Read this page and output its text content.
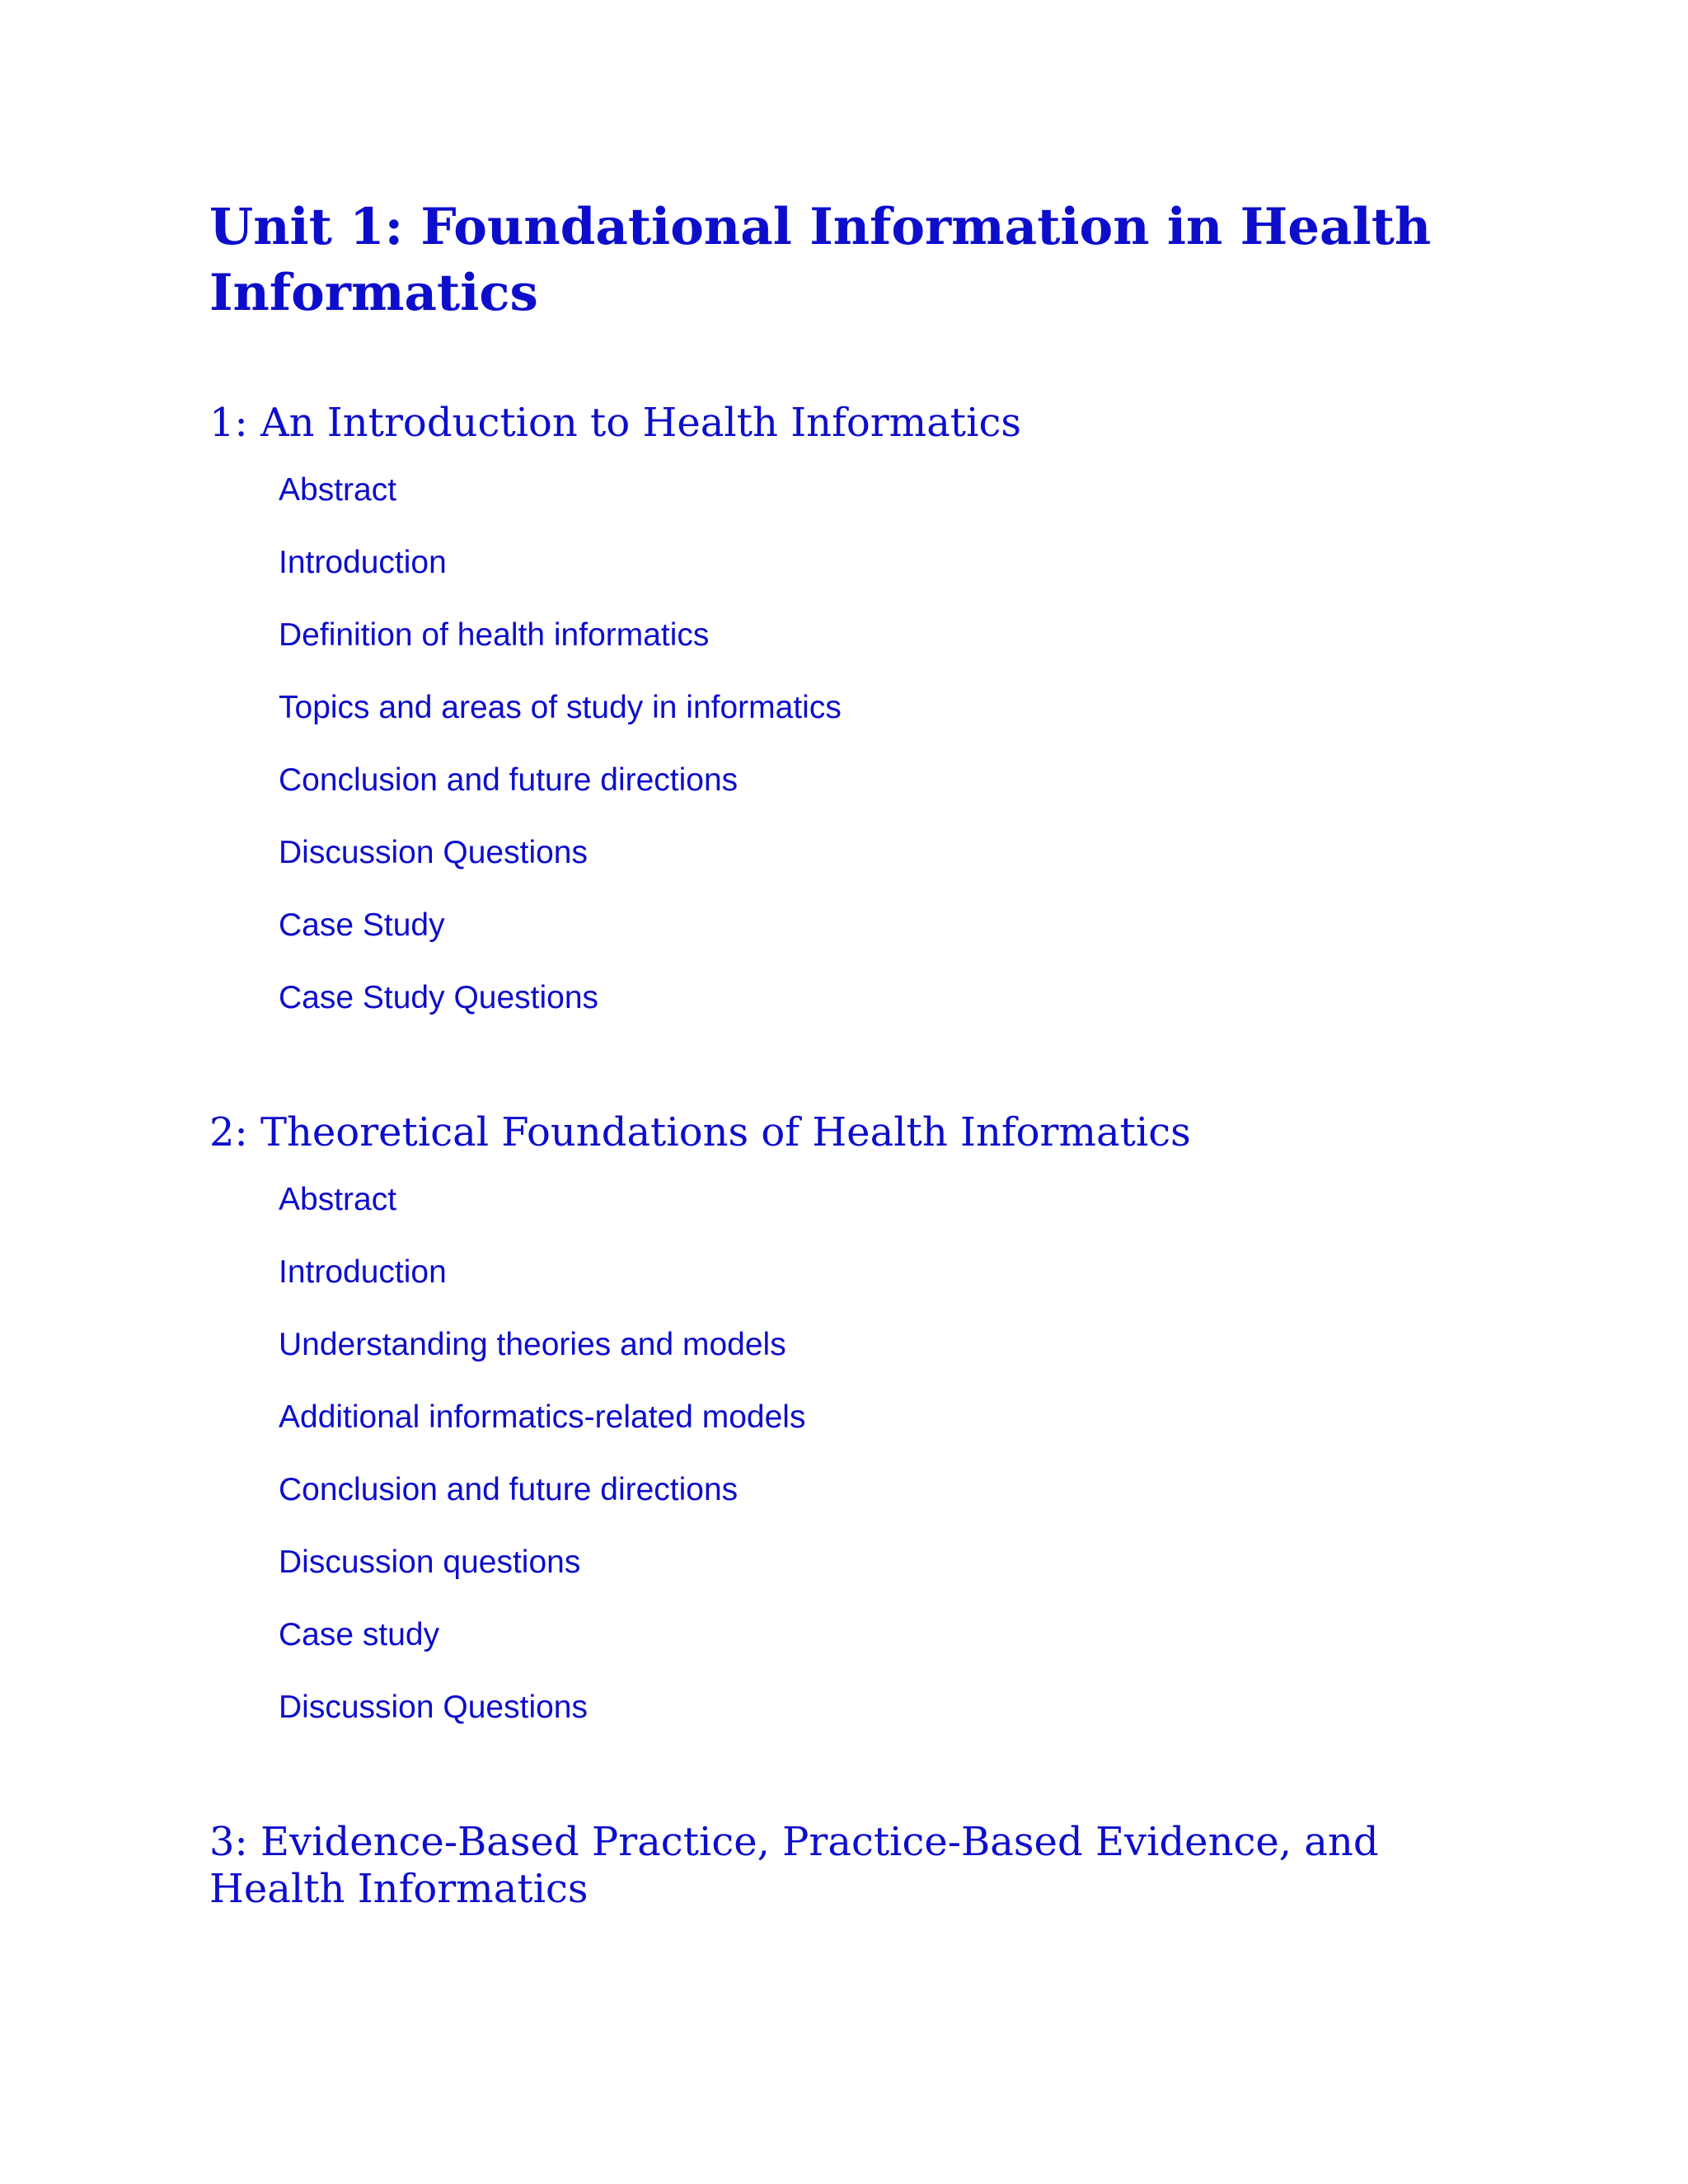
Unit 1: Foundational Information in Health Informatics
1: An Introduction to Health Informatics
Abstract
Introduction
Definition of health informatics
Topics and areas of study in informatics
Conclusion and future directions
Discussion Questions
Case Study
Case Study Questions
2: Theoretical Foundations of Health Informatics
Abstract
Introduction
Understanding theories and models
Additional informatics-related models
Conclusion and future directions
Discussion questions
Case study
Discussion Questions
3: Evidence-Based Practice, Practice-Based Evidence, and Health Informatics
